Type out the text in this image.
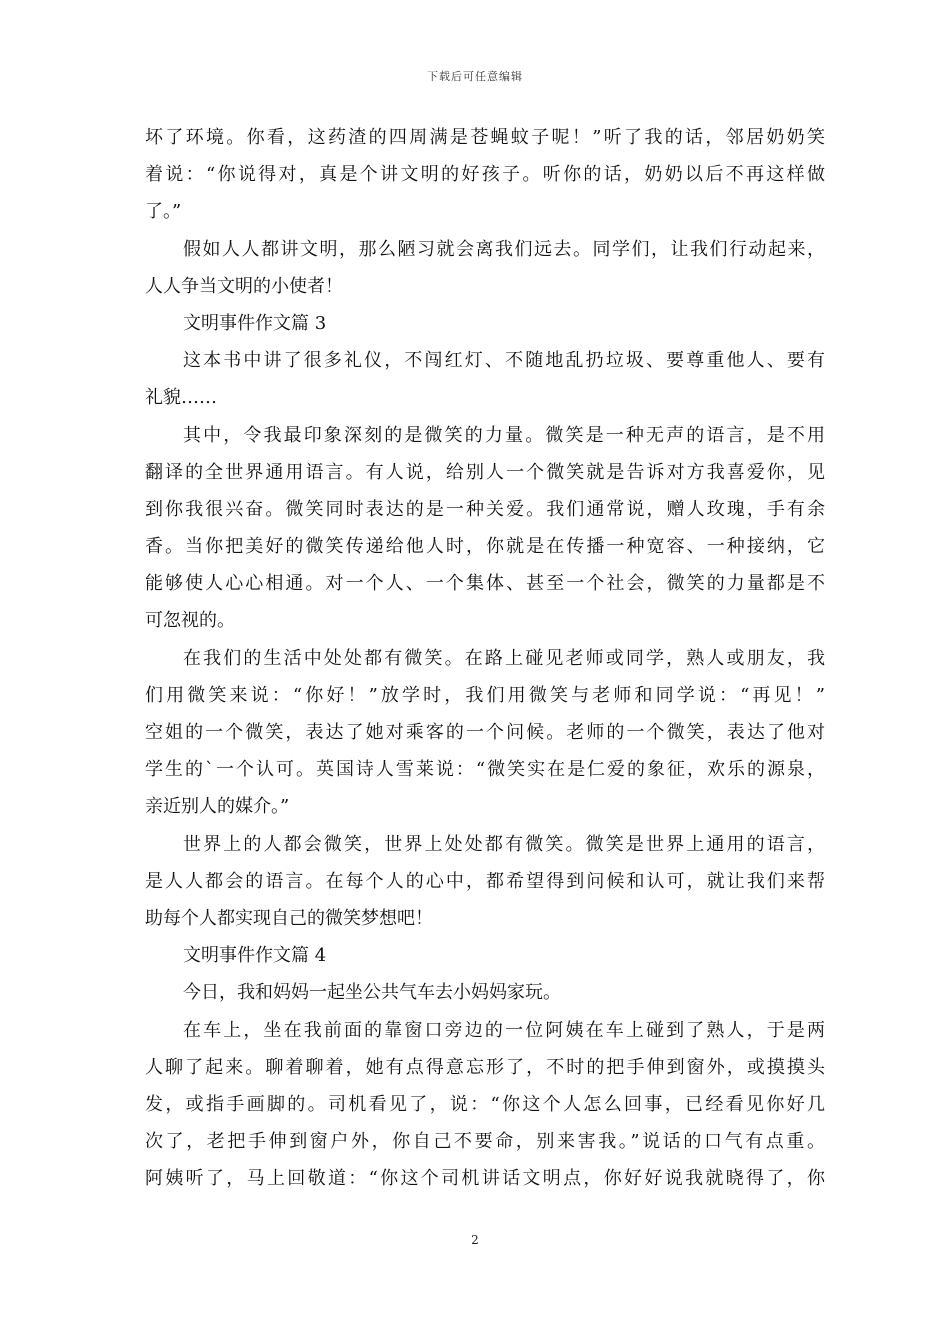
下载后可任意编辑
坏了环境。你看，这药渣的四周满是苍蝇蚊子呢！”听了我的话，邻居奶奶笑
着说：“你说得对，真是个讲文明的好孩子。听你的话，奶奶以后不再这样做
了。”
假如人人都讲文明，那么陋习就会离我们远去。同学们，让我们行动起来，
人人争当文明的小使者！
文明事件作文篇 3
这本书中讲了很多礼仪，不闯红灯、不随地乱扔垃圾、要尊重他人、要有
礼貌……
其中，令我最印象深刻的是微笑的力量。微笑是一种无声的语言，是不用
翻译的全世界通用语言。有人说，给别人一个微笑就是告诉对方我喜爱你，见
到你我很兴奋。微笑同时表达的是一种关爱。我们通常说，赠人玫瑰，手有余
香。当你把美好的微笑传递给他人时，你就是在传播一种宽容、一种接纳，它
能够使人心心相通。对一个人、一个集体、甚至一个社会，微笑的力量都是不
可忽视的。
在我们的生活中处处都有微笑。在路上碰见老师或同学，熟人或朋友，我
们用微笑来说：“你好！”放学时，我们用微笑与老师和同学说：“再见！”
空姐的一个微笑，表达了她对乘客的一个问候。老师的一个微笑，表达了他对
学生的`一个认可。英国诗人雪莱说：“微笑实在是仁爱的象征，欢乐的源泉，
亲近别人的媒介。”
世界上的人都会微笑，世界上处处都有微笑。微笑是世界上通用的语言，
是人人都会的语言。在每个人的心中，都希望得到问候和认可，就让我们来帮
助每个人都实现自己的微笑梦想吧！
文明事件作文篇 4
今日，我和妈妈一起坐公共气车去小妈妈家玩。
在车上，坐在我前面的靠窗口旁边的一位阿姨在车上碰到了熟人，于是两
人聊了起来。聊着聊着，她有点得意忘形了，不时的把手伸到窗外，或摸摸头
发，或指手画脚的。司机看见了，说：“你这个人怎么回事，已经看见你好几
次了，老把手伸到窗户外，你自己不要命，别来害我。”说话的口气有点重。
阿姨听了，马上回敬道：“你这个司机讲话文明点，你好好说我就晓得了，你
2
